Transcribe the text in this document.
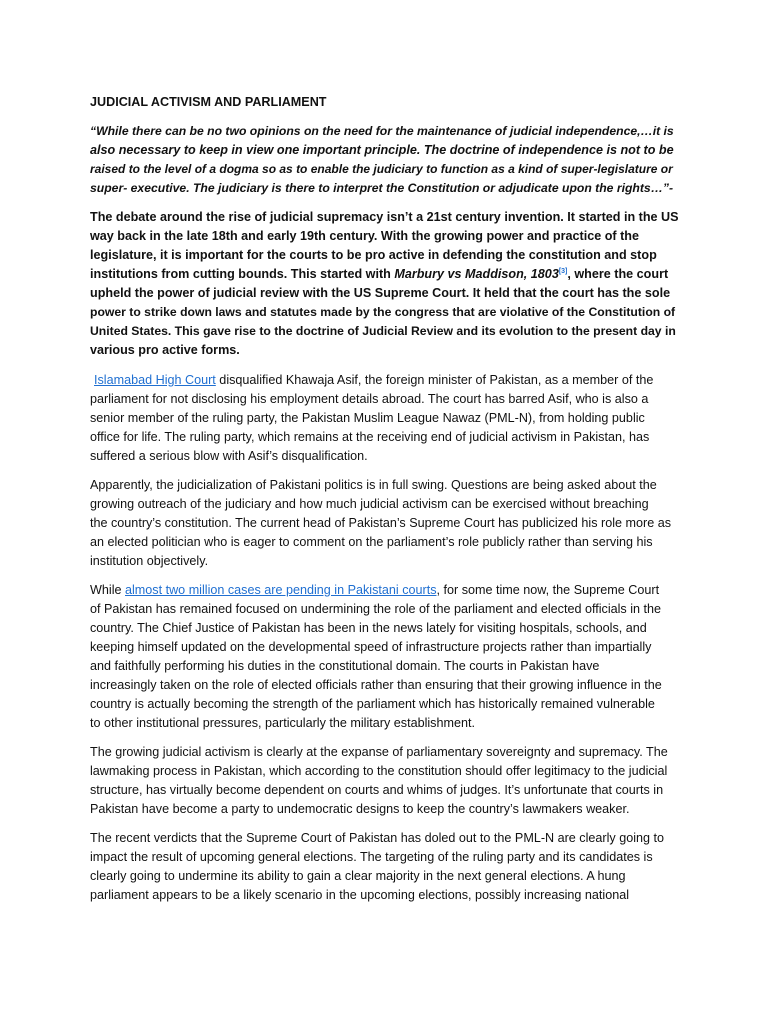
JUDICIAL ACTIVISM AND PARLIAMENT
“While there can be no two opinions on the need for the maintenance of judicial independence,…it is
also necessary to keep in view one important principle. The doctrine of independence is not to be
raised to the level of a dogma so as to enable the judiciary to function as a kind of super-legislature or
super- executive. The judiciary is there to interpret the Constitution or adjudicate upon the rights…”-
The debate around the rise of judicial supremacy isn’t a 21st century invention. It started in the US
way back in the late 18th and early 19th century. With the growing power and practice of the
legislature, it is important for the courts to be pro active in defending the constitution and stop
institutions from cutting bounds. This started with Marbury vs Maddison, 1803[3], where the court
upheld the power of judicial review with the US Supreme Court. It held that the court has the sole
power to strike down laws and statutes made by the congress that are violative of the Constitution of
United States. This gave rise to the doctrine of Judicial Review and its evolution to the present day in
various pro active forms.
Islamabad High Court disqualified Khawaja Asif, the foreign minister of Pakistan, as a member of the
parliament for not disclosing his employment details abroad. The court has barred Asif, who is also a
senior member of the ruling party, the Pakistan Muslim League Nawaz (PML-N), from holding public
office for life. The ruling party, which remains at the receiving end of judicial activism in Pakistan, has
suffered a serious blow with Asif’s disqualification.
Apparently, the judicialization of Pakistani politics is in full swing. Questions are being asked about the
growing outreach of the judiciary and how much judicial activism can be exercised without breaching
the country’s constitution. The current head of Pakistan’s Supreme Court has publicized his role more as
an elected politician who is eager to comment on the parliament’s role publicly rather than serving his
institution objectively.
While almost two million cases are pending in Pakistani courts, for some time now, the Supreme Court
of Pakistan has remained focused on undermining the role of the parliament and elected officials in the
country. The Chief Justice of Pakistan has been in the news lately for visiting hospitals, schools, and
keeping himself updated on the developmental speed of infrastructure projects rather than impartially
and faithfully performing his duties in the constitutional domain. The courts in Pakistan have
increasingly taken on the role of elected officials rather than ensuring that their growing influence in the
country is actually becoming the strength of the parliament which has historically remained vulnerable
to other institutional pressures, particularly the military establishment.
The growing judicial activism is clearly at the expanse of parliamentary sovereignty and supremacy. The
lawmaking process in Pakistan, which according to the constitution should offer legitimacy to the judicial
structure, has virtually become dependent on courts and whims of judges. It’s unfortunate that courts in
Pakistan have become a party to undemocratic designs to keep the country’s lawmakers weaker.
The recent verdicts that the Supreme Court of Pakistan has doled out to the PML-N are clearly going to
impact the result of upcoming general elections. The targeting of the ruling party and its candidates is
clearly going to undermine its ability to gain a clear majority in the next general elections. A hung
parliament appears to be a likely scenario in the upcoming elections, possibly increasing national
